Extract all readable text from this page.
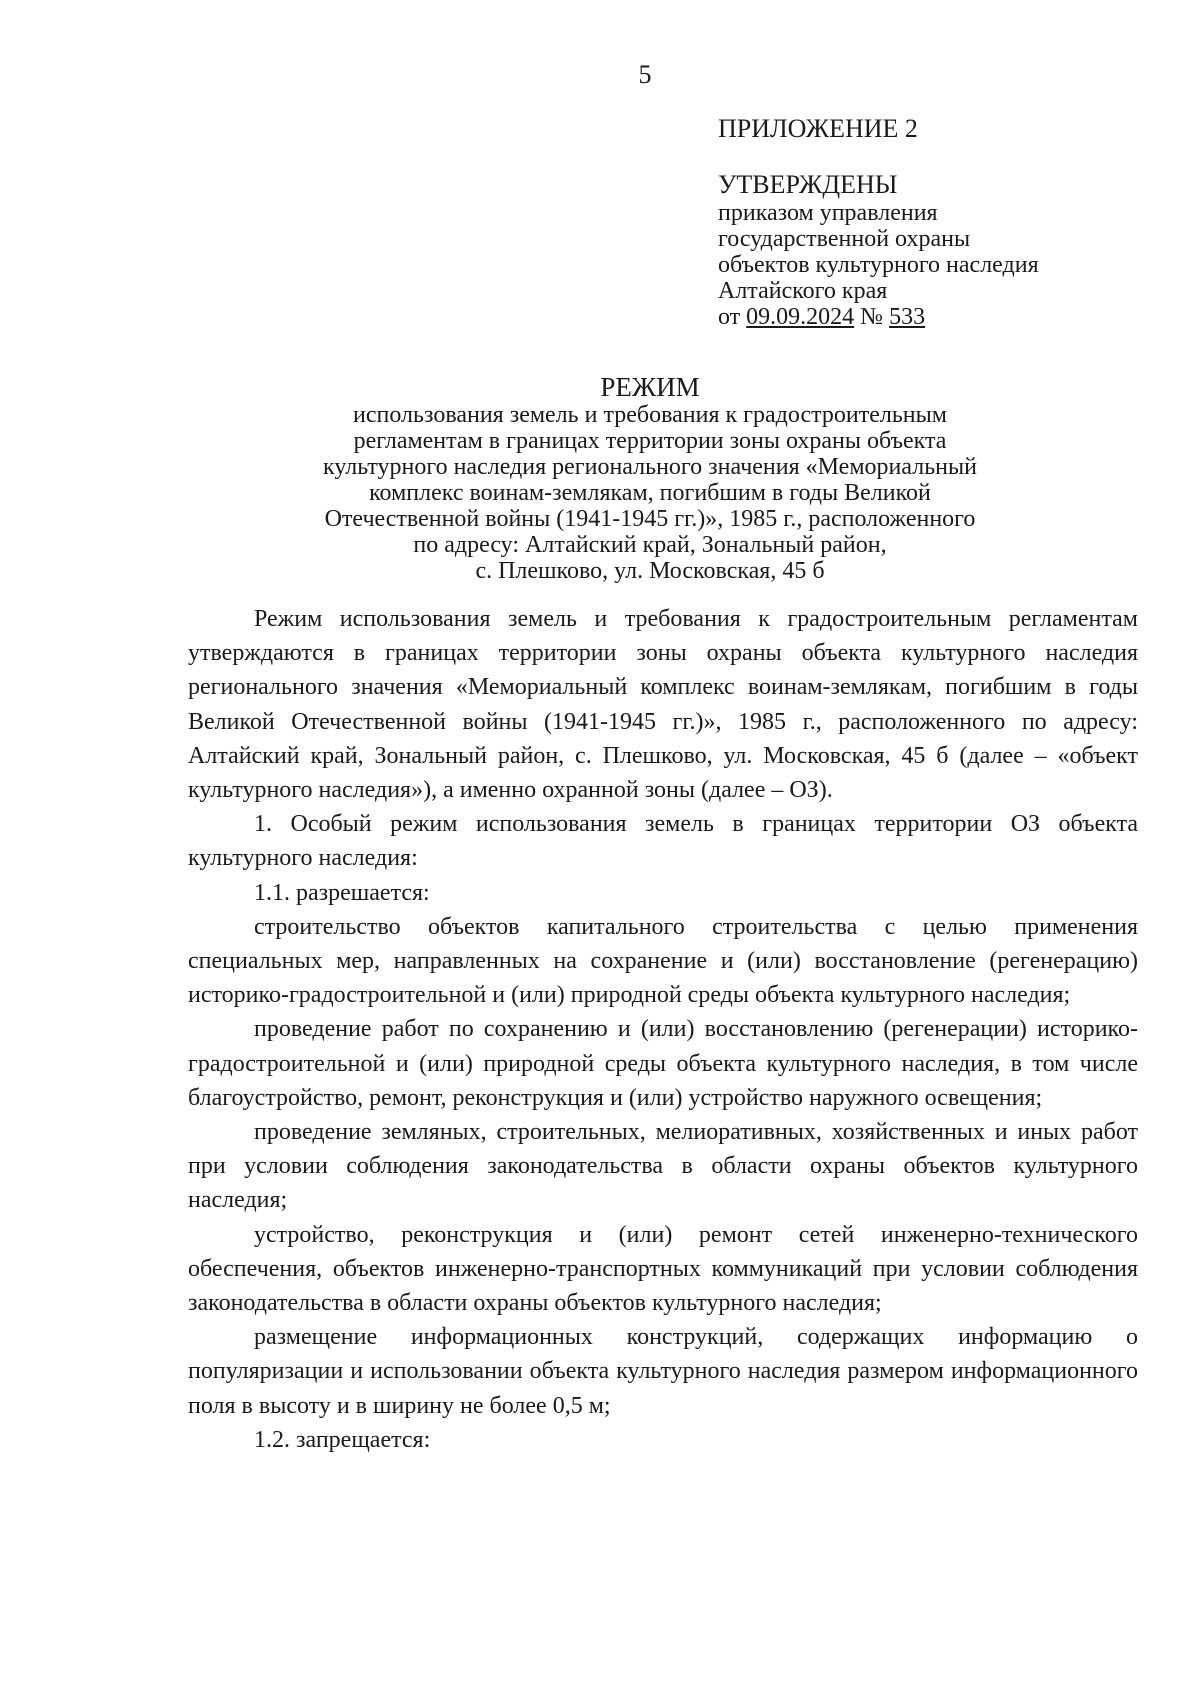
5
ПРИЛОЖЕНИЕ 2
УТВЕРЖДЕНЫ
приказом управления
государственной охраны
объектов культурного наследия
Алтайского края
от 09.09.2024 № 533
РЕЖИМ
использования земель и требования к градостроительным
регламентам в границах территории зоны охраны объекта
культурного наследия регионального значения «Мемориальный
комплекс воинам-землякам, погибшим в годы Великой
Отечественной войны (1941-1945 гг.)», 1985 г., расположенного
по адресу: Алтайский край, Зональный район,
с. Плешково, ул. Московская, 45 б

Режим использования земель и требования к градостроительным регламентам утверждаются в границах территории зоны охраны объекта культурного наследия регионального значения «Мемориальный комплекс воинам-землякам, погибшим в годы Великой Отечественной войны (1941-1945 гг.)», 1985 г., расположенного по адресу: Алтайский край, Зональный район, с. Плешково, ул. Московская, 45 б (далее – «объект культурного наследия»), а именно охранной зоны (далее – ОЗ).

1. Особый режим использования земель в границах территории ОЗ объекта культурного наследия:

1.1. разрешается:

строительство объектов капитального строительства с целью применения специальных мер, направленных на сохранение и (или) восстановление (регенерацию) историко-градостроительной и (или) природной среды объекта культурного наследия;

проведение работ по сохранению и (или) восстановлению (регенерации) историко-градостроительной и (или) природной среды объекта культурного наследия, в том числе благоустройство, ремонт, реконструкция и (или) устройство наружного освещения;

проведение земляных, строительных, мелиоративных, хозяйственных и иных работ при условии соблюдения законодательства в области охраны объектов культурного наследия;

устройство, реконструкция и (или) ремонт сетей инженерно-технического обеспечения, объектов инженерно-транспортных коммуникаций при условии соблюдения законодательства в области охраны объектов культурного наследия;

размещение информационных конструкций, содержащих информацию о популяризации и использовании объекта культурного наследия размером информационного поля в высоту и в ширину не более 0,5 м;

1.2. запрещается:
